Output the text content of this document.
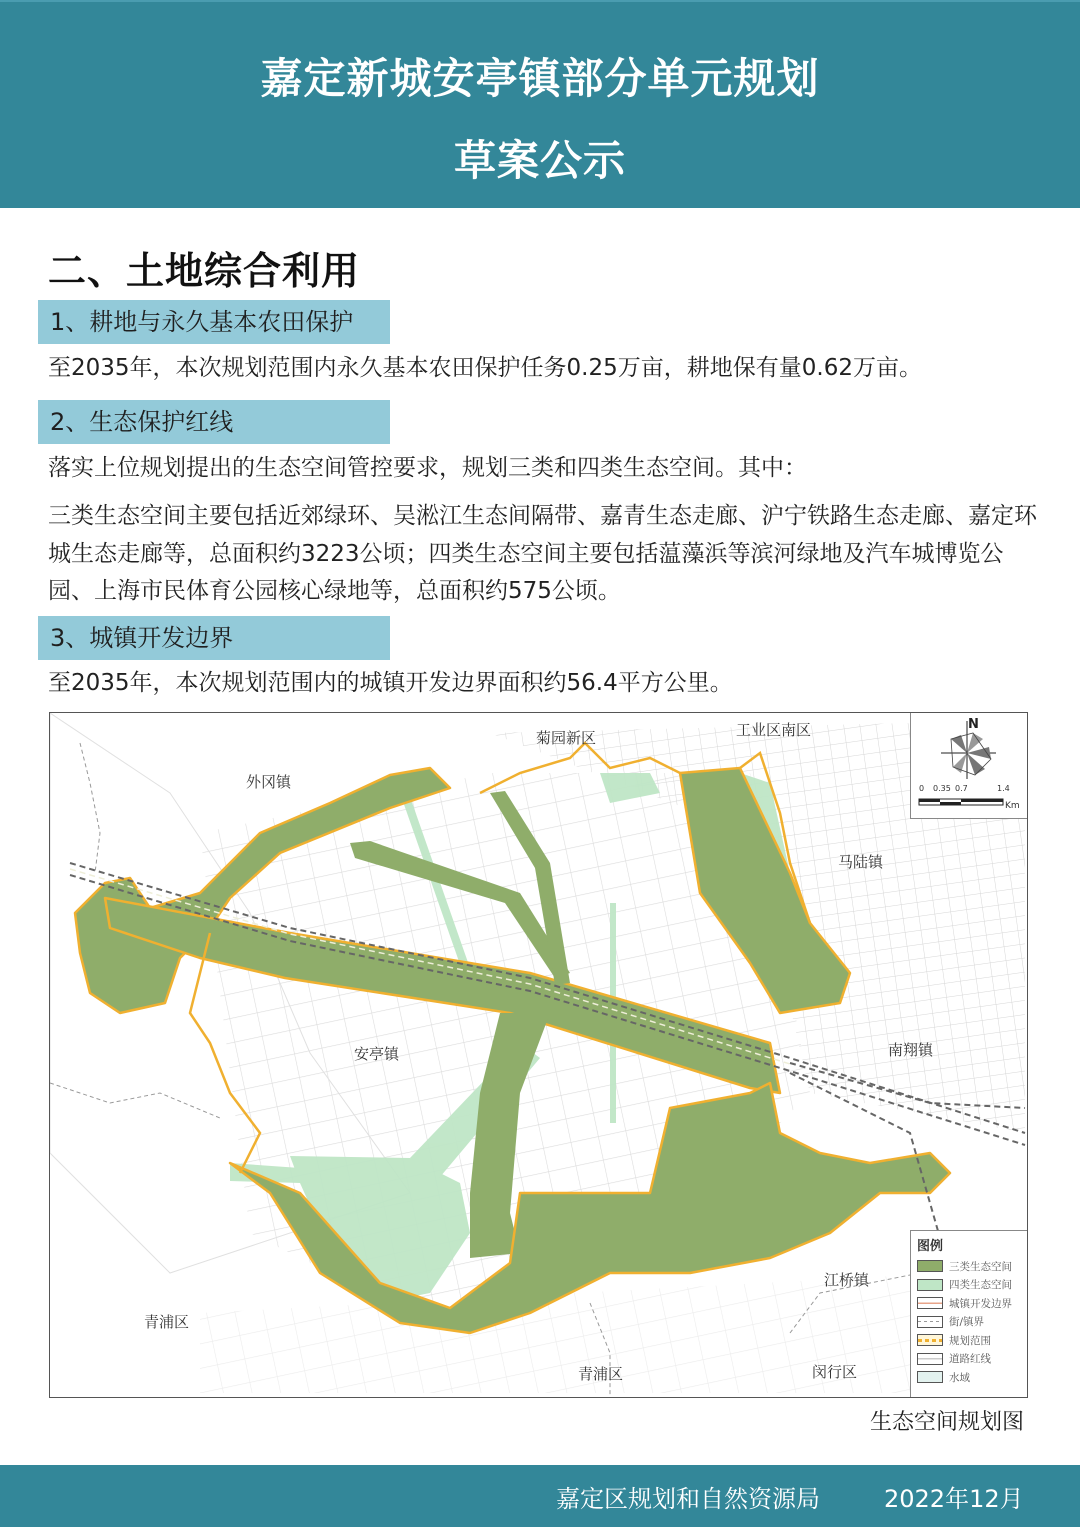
嘉定新城安亭镇部分单元规划
草案公示
二、土地综合利用
1、耕地与永久基本农田保护
至2035年，本次规划范围内永久基本农田保护任务0.25万亩，耕地保有量0.62万亩。
2、生态保护红线
落实上位规划提出的生态空间管控要求，规划三类和四类生态空间。其中：
三类生态空间主要包括近郊绿环、吴淞江生态间隔带、嘉青生态走廊、沪宁铁路生态走廊、嘉定环城生态走廊等，总面积约3223公顷；四类生态空间主要包括蕰藻浜等滨河绿地及汽车城博览公园、上海市民体育公园核心绿地等，总面积约575公顷。
3、城镇开发边界
至2035年，本次规划范围内的城镇开发边界面积约56.4平方公里。
菊园新区	工业区南区
外冈镇
马陆镇
安亭镇	南翔镇
江桥镇
青浦区
青浦区	闵行区
N
0 0.35 0.7	1.4
Km
图例
三类生态空间
四类生态空间
城镇开发边界
街/镇界
规划范围
道路红线
水域
生态空间规划图
嘉定区规划和自然资源局	2022年12月
